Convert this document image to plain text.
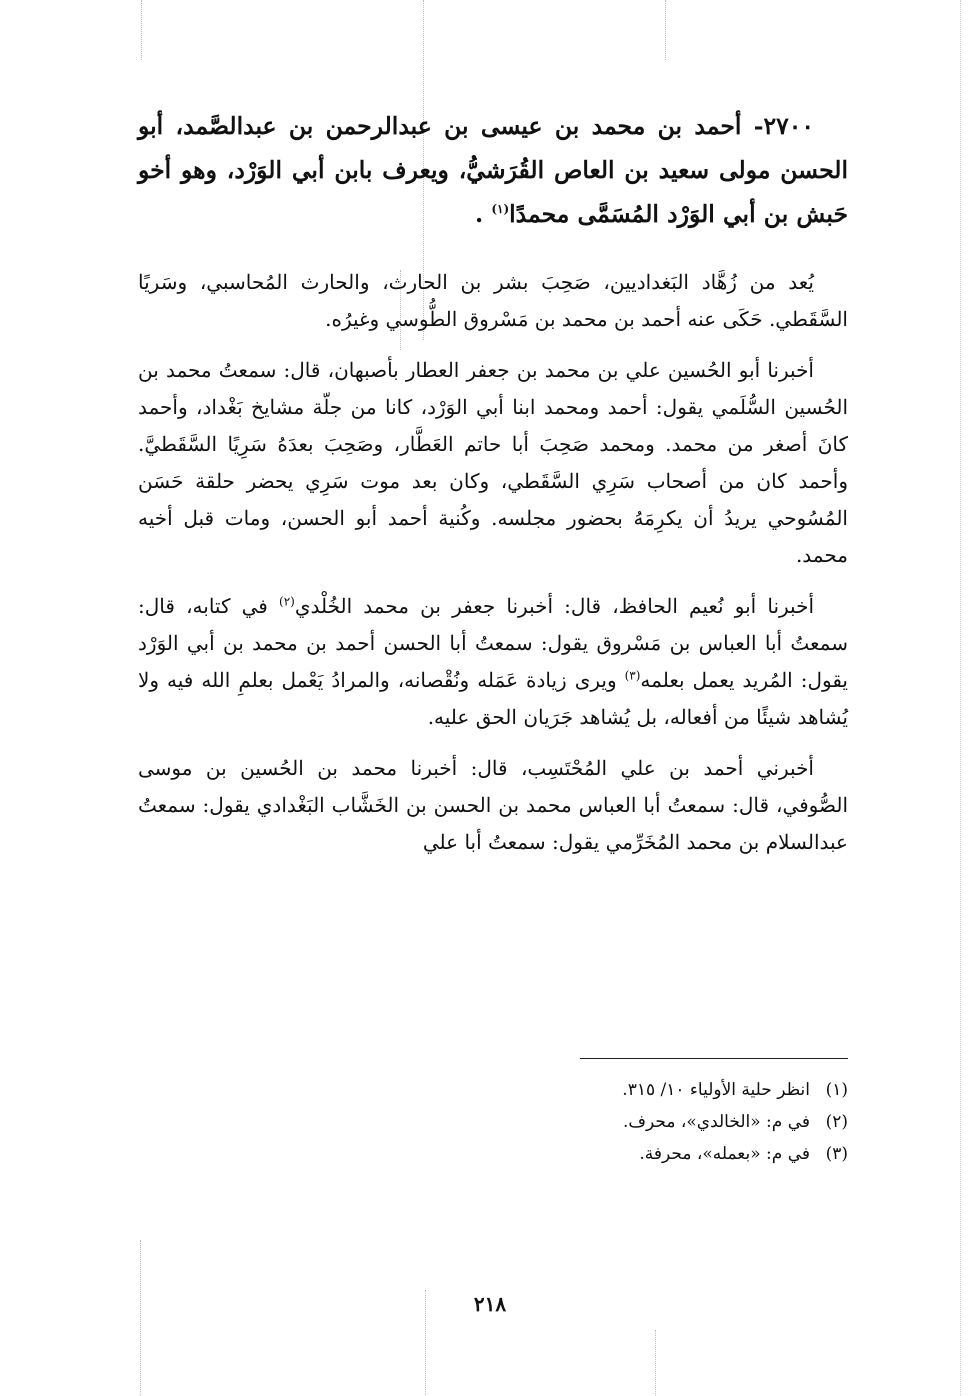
٢٧٠٠- أحمد بن محمد بن عيسى بن عبدالرحمن بن عبدالصَّمد، أبو الحسن مولى سعيد بن العاص القُرَشيُّ، ويعرف بابن أبي الوَرْد، وهو أخو حَبش بن أبي الوَرْد المُسَمَّى محمدًا$^{(١)}$ .

يُعد من زُهَّاد البَغداديين، صَحِبَ بشر بن الحارث، والحارث المُحاسبي، وسَريًا السَّقَطي. حَكَى عنه أحمد بن محمد بن مَسْروق الطُّوسي وغيرُه.

أخبرنا أبو الحُسين علي بن محمد بن جعفر العطار بأصبهان، قال: سمعتُ محمد بن الحُسين السُّلَمي يقول: أحمد ومحمد ابنا أبي الوَرْد، كانا من جلّة مشايخ بَغْداد، وأحمد كانَ أصغر من محمد. ومحمد صَحِبَ أبا حاتم العَطَّار، وصَحِبَ بعدَهُ سَرِيًا السَّقَطيَّ. وأحمد كان من أصحاب سَرِي السَّقَطي، وكان بعد موت سَرِي يحضر حلقة حَسَن المُسُوحي يريدُ أن يكرِمَهُ بحضور مجلسه. وكُنية أحمد أبو الحسن، ومات قبل أخيه محمد.

أخبرنا أبو نُعيم الحافظ، قال: أخبرنا جعفر بن محمد الخُلْدي$^{(٢)}$ في كتابه، قال: سمعتُ أبا العباس بن مَسْروق يقول: سمعتُ أبا الحسن أحمد بن محمد بن أبي الوَرْد يقول: المُريد يعمل بعلمه$^{(٣)}$ ويرى زيادة عَمَله ونُقْصانه، والمرادُ يَعْمل بعلمِ الله فيه ولا يُشاهد شيئًا من أفعاله، بل يُشاهد جَرَيان الحق عليه.

أخبرني أحمد بن علي المُحْتَسِب، قال: أخبرنا محمد بن الحُسين بن موسى الصُّوفي، قال: سمعتُ أبا العباس محمد بن الحسن بن الخَشَّاب البَغْدادي يقول: سمعتُ عبدالسلام بن محمد المُخَرِّمي يقول: سمعتُ أبا علي

(١)
انظر حلية الأولياء ١٠/ ٣١٥.
(٢)
في م: «الخالدي»، محرف.
(٣)
في م: «بعمله»، محرفة.
٢١٨
